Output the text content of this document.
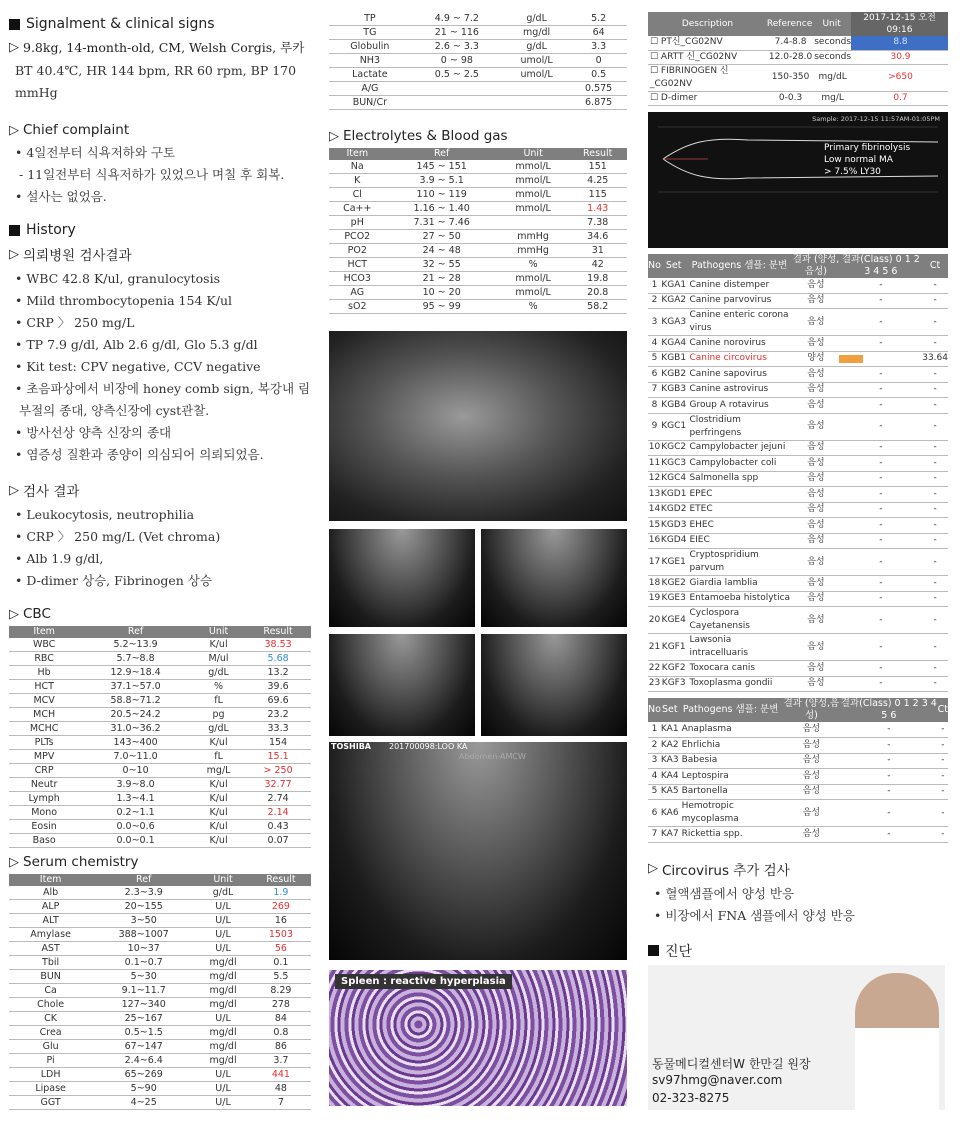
Signalment & clinical signs
▷ 9.8kg, 14-month-old, CM, Welsh Corgis, 루카
BT 40.4℃, HR 144 bpm, RR 60 rpm, BP 170 mmHg
▷ Chief complaint
• 4일전부터 식욕저하와 구토
- 11일전부터 식욕저하가 있었으나 며칠 후 회복.
• 설사는 없었음.
History
▷ 의뢰병원 검사결과
• WBC 42.8 K/ul, granulocytosis
• Mild thrombocytopenia 154 K/ul
• CRP 〉 250 mg/L
• TP 7.9 g/dl, Alb 2.6 g/dl, Glo 5.3 g/dl
• Kit test: CPV negative, CCV negative
• 초음파상에서 비장에 honey comb sign, 복강내 림
부절의 종대, 양측신장에 cyst관찰.
• 방사선상 양측 신장의 종대
• 염증성 질환과 종양이 의심되어 의뢰되었음.
▷ 검사 결과
• Leukocytosis, neutrophilia
• CRP 〉 250 mg/L (Vet chroma)
• Alb 1.9 g/dl,
• D-dimer 상승, Fibrinogen 상승
▷ CBC
Item	Ref	Unit	Result
WBC	5.2~13.9	K/ul	38.53
RBC	5.7~8.8	M/ul	5.68
Hb	12.9~18.4	g/dL	13.2
HCT	37.1~57.0	%	39.6
MCV	58.8~71.2	fL	69.6
MCH	20.5~24.2	pg	23.2
MCHC	31.0~36.2	g/dL	33.3
PLTs	143~400	K/ul	154
MPV	7.0~11.0	fL	15.1
CRP	0~10	mg/L	> 250
Neutr	3.9~8.0	K/ul	32.77
Lymph	1.3~4.1	K/ul	2.74
Mono	0.2~1.1	K/ul	2.14
Eosin	0.0~0.6	K/ul	0.43
Baso	0.0~0.1	K/ul	0.07
▷ Serum chemistry
Item	Ref	Unit	Result
Alb	2.3~3.9	g/dL	1.9
ALP	20~155	U/L	269
ALT	3~50	U/L	16
Amylase	388~1007	U/L	1503
AST	10~37	U/L	56
Tbil	0.1~0.7	mg/dl	0.1
BUN	5~30	mg/dl	5.5
Ca	9.1~11.7	mg/dl	8.29
Chole	127~340	mg/dl	278
CK	25~167	U/L	84
Crea	0.5~1.5	mg/dl	0.8
Glu	67~147	mg/dl	86
Pi	2.4~6.4	mg/dl	3.7
LDH	65~269	U/L	441
Lipase	5~90	U/L	48
GGT	4~25	U/L	7
TP	4.9 ~ 7.2	g/dL	5.2
TG	21 ~ 116	mg/dl	64
Globulin	2.6 ~ 3.3	g/dL	3.3
NH3	0 ~ 98	umol/L	0
Lactate	0.5 ~ 2.5	umol/L	0.5
A/G			0.575
BUN/Cr			6.875
▷ Electrolytes & Blood gas
Item	Ref	Unit	Result
Na	145 ~ 151	mmol/L	151
K	3.9 ~ 5.1	mmol/L	4.25
Cl	110 ~ 119	mmol/L	115
Ca++	1.16 ~ 1.40	mmol/L	1.43
pH	7.31 ~ 7.46		7.38
PCO2	27 ~ 50	mmHg	34.6
PO2	24 ~ 48	mmHg	31
HCT	32 ~ 55	%	42
HCO3	21 ~ 28	mmol/L	19.8
AG	10 ~ 20	mmol/L	20.8
sO2	95 ~ 99	%	58.2
TOSHIBA 201700098:LOO KA
Abdomen-AMCW
Spleen : reactive hyperplasia
Description	Reference	Unit	2017-12-15 오전 09:16
☐ PT신_CG02NV	7.4-8.8	seconds	8.8
☐ ARTT 신_CG02NV	12.0-28.0	seconds	30.9
☐ FIBRINOGEN 신_CG02NV	150-350	mg/dL	>650
☐ D-dimer	0-0.3	mg/L	0.7
Sample: 2017-12-15 11:57AM-01:05PM
Primary fibrinolysis
Low normal MA
> 7.5% LY30
No	Set	Pathogens 샘플: 분변	결과 (양성,음성)	결과(Class) 0 1 2 3 4 5 6	Ct
1	KGA1	Canine distemper	음성	-	-
2	KGA2	Canine parvovirus	음성	-	-
3	KGA3	Canine enteric corona virus	음성	-	-
4	KGA4	Canine norovirus	음성	-	-
5	KGB1	Canine circovirus	양성		33.64
6	KGB2	Canine sapovirus	음성	-	-
7	KGB3	Canine astrovirus	음성	-	-
8	KGB4	Group A rotavirus	음성	-	-
9	KGC1	Clostridium perfringens	음성	-	-
10	KGC2	Campylobacter jejuni	음성	-	-
11	KGC3	Campylobacter coli	음성	-	-
12	KGC4	Salmonella spp	음성	-	-
13	KGD1	EPEC	음성	-	-
14	KGD2	ETEC	음성	-	-
15	KGD3	EHEC	음성	-	-
16	KGD4	EIEC	음성	-	-
17	KGE1	Cryptospridium parvum	음성	-	-
18	KGE2	Giardia lamblia	음성	-	-
19	KGE3	Entamoeba histolytica	음성	-	-
20	KGE4	Cyclospora Cayetanensis	음성	-	-
21	KGF1	Lawsonia intracelluaris	음성	-	-
22	KGF2	Toxocara canis	음성	-	-
23	KGF3	Toxoplasma gondii	음성	-	-
No	Set	Pathogens 샘플: 분변	결과 (양성,음성)	결과(Class) 0 1 2 3 4 5 6	Ct
1	KA1	Anaplasma	음성	-	-
2	KA2	Ehrlichia	음성	-	-
3	KA3	Babesia	음성	-	-
4	KA4	Leptospira	음성	-	-
5	KA5	Bartonella	음성	-	-
6	KA6	Hemotropic mycoplasma	음성	-	-
7	KA7	Rickettia spp.	음성	-	-
▷ Circovirus 추가 검사
• 혈액샘플에서 양성 반응
• 비장에서 FNA 샘플에서 양성 반응
진단
동물메디컬센터W 한만길 원장
sv97hmg@naver.com
02-323-8275
